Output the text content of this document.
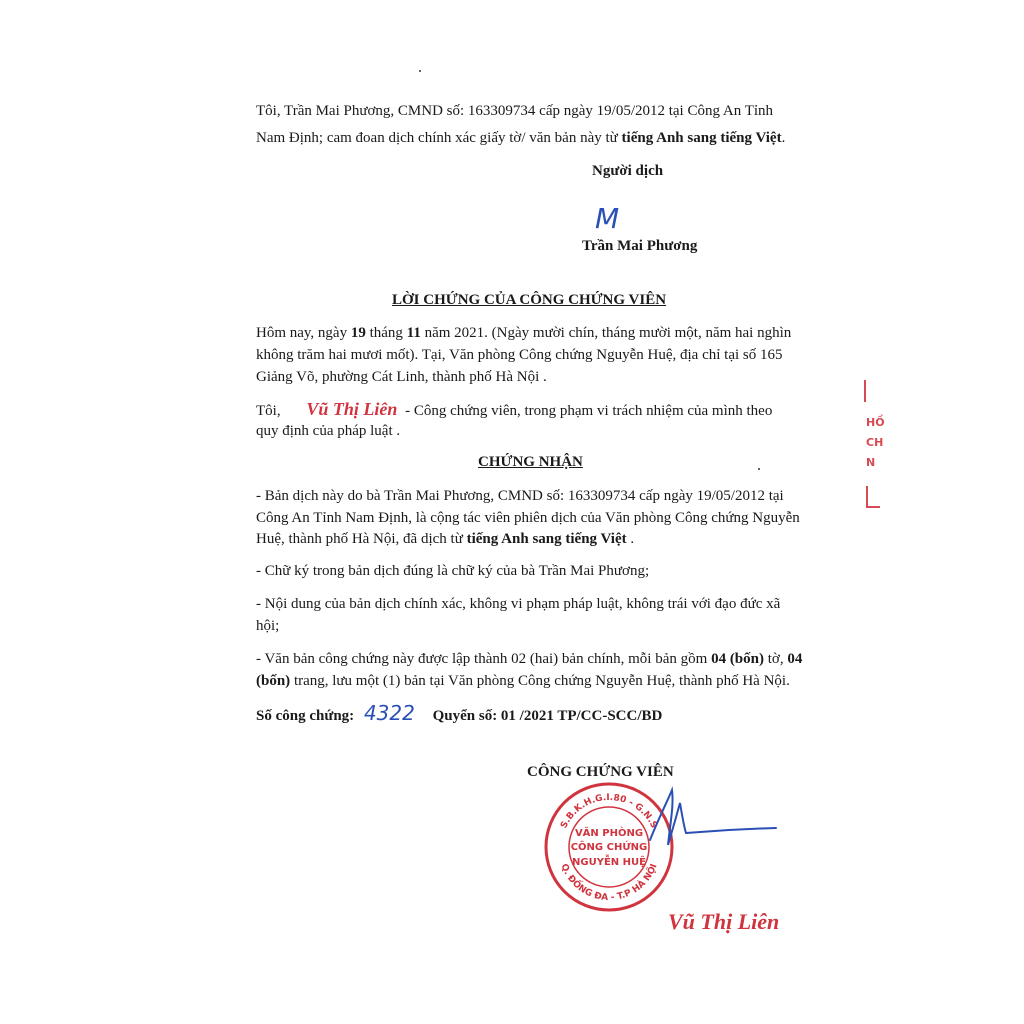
Tôi, Trần Mai Phương, CMND số: 163309734 cấp ngày 19/05/2012 tại Công An Tỉnh
Nam Định; cam đoan dịch chính xác giấy tờ/ văn bản này từ tiếng Anh sang tiếng Việt.
Người dịch
M
Trần Mai Phương
LỜI CHỨNG CỦA CÔNG CHỨNG VIÊN
Hôm nay, ngày 19 tháng 11 năm 2021. (Ngày mười chín, tháng mười một, năm hai nghìn
không trăm hai mươi mốt). Tại, Văn phòng Công chứng Nguyễn Huệ, địa chỉ tại số 165
Giảng Võ, phường Cát Linh, thành phố Hà Nội .
Tôi, Vũ Thị Liên - Công chứng viên, trong phạm vi trách nhiệm của mình theo
quy định của pháp luật .
CHỨNG NHẬN
- Bản dịch này do bà Trần Mai Phương, CMND số: 163309734 cấp ngày 19/05/2012 tại
Công An Tỉnh Nam Định, là cộng tác viên phiên dịch của Văn phòng Công chứng Nguyễn
Huệ, thành phố Hà Nội, đã dịch từ tiếng Anh sang tiếng Việt .
- Chữ ký trong bản dịch đúng là chữ ký của bà Trần Mai Phương;
- Nội dung của bản dịch chính xác, không vi phạm pháp luật, không trái với đạo đức xã
hội;
- Văn bản công chứng này được lập thành 02 (hai) bản chính, mỗi bản gồm 04 (bốn) tờ, 04
(bốn) trang, lưu một (1) bản tại Văn phòng Công chứng Nguyễn Huệ, thành phố Hà Nội.
Số công chứng: 4322 Quyển số: 01 /2021 TP/CC-SCC/BD
CÔNG CHỨNG VIÊN
S.B.K.H.G.I.80 - G.N.S
Q. ĐỐNG ĐA - T.P HÀ NỘI
VĂN PHÒNG
CÔNG CHỨNG
NGUYỄN HUỆ
Vũ Thị Liên
HỒ
CH
N
